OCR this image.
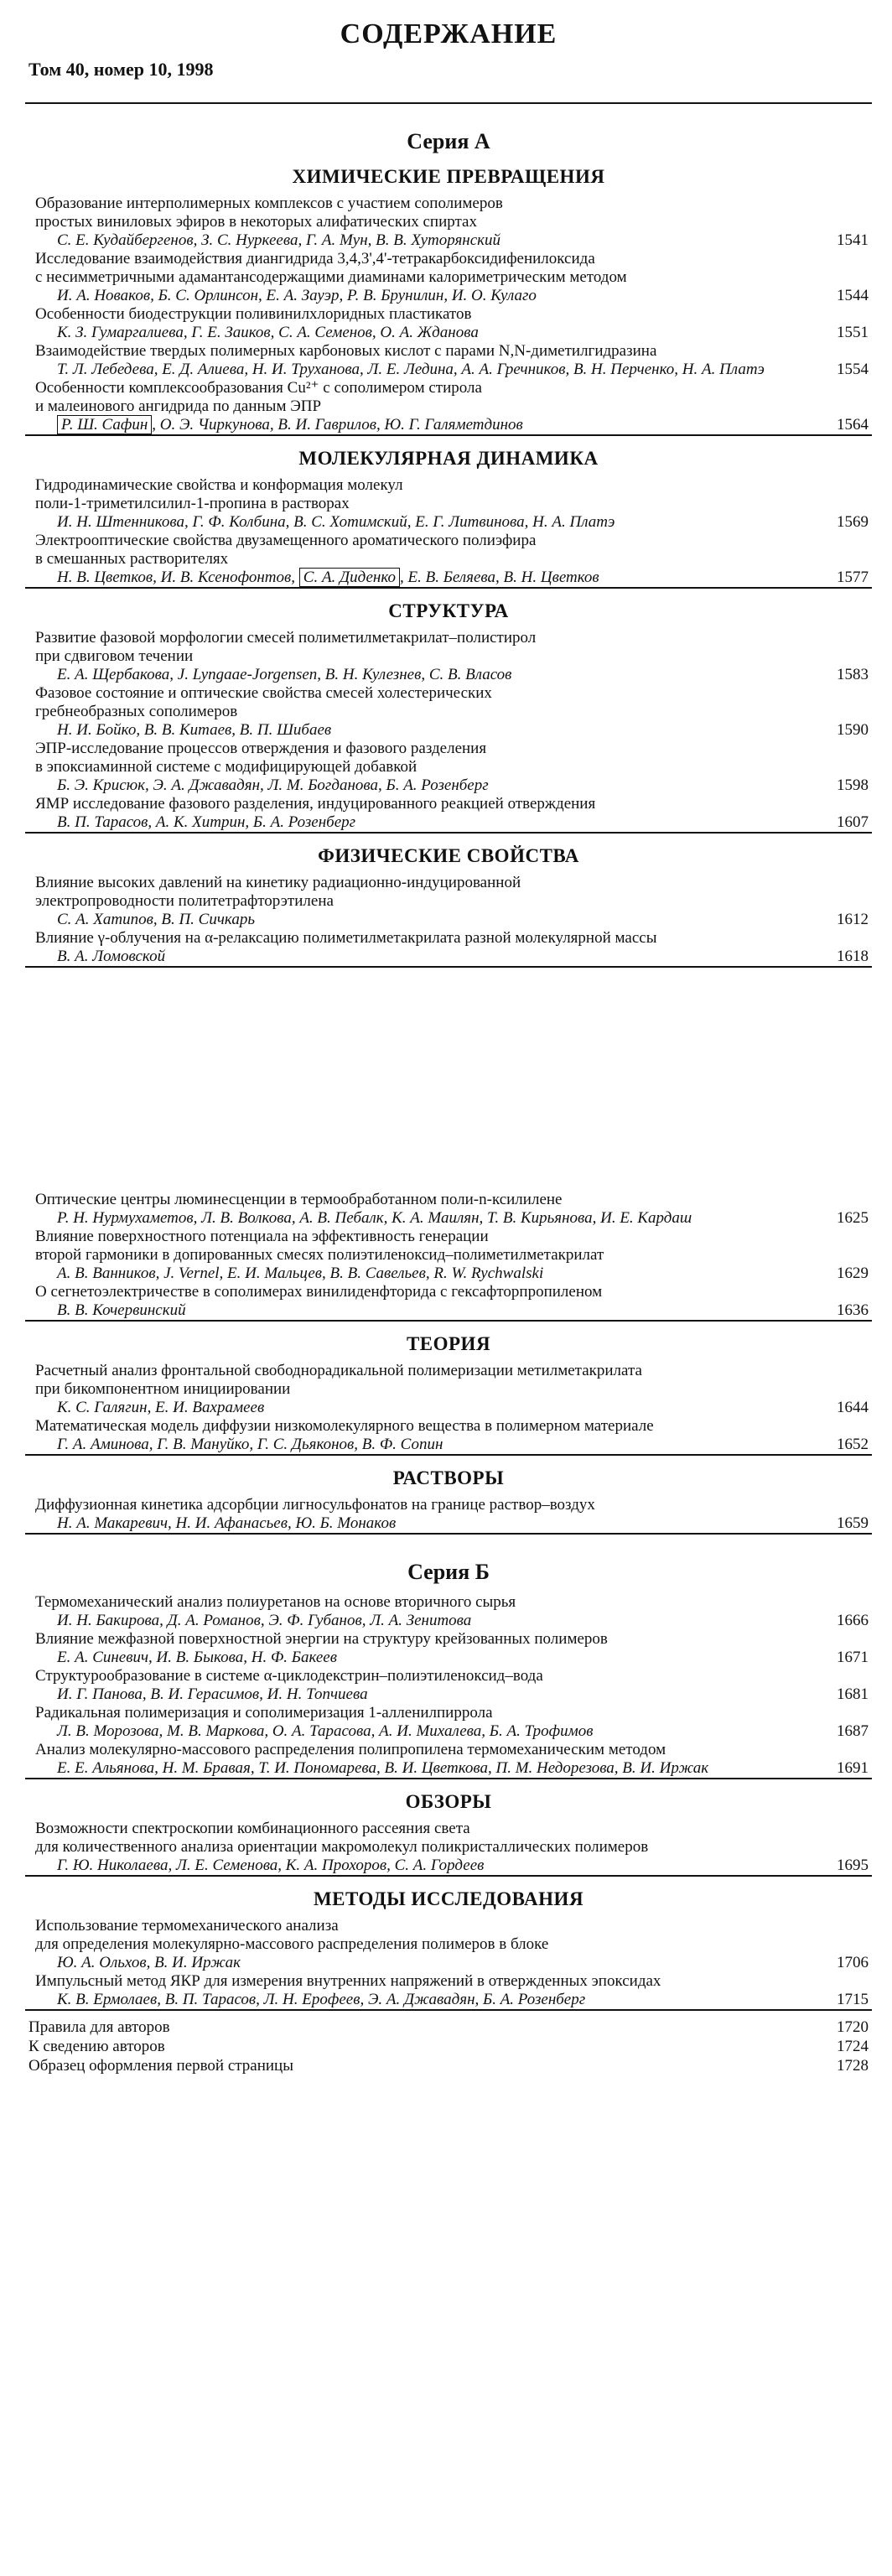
СОДЕРЖАНИЕ
Том 40, номер 10, 1998
Серия А
ХИМИЧЕСКИЕ ПРЕВРАЩЕНИЯ
Образование интерполимерных комплексов с участием сополимеров
простых виниловых эфиров в некоторых алифатических спиртах
С. Е. Кудайбергенов, З. С. Нуркеева, Г. А. Мун, В. В. Хуторянский	1541
Исследование взаимодействия диангидрида 3,4,3',4'-тетракарбоксидифенилоксида
с несимметричными адамантансодержащими диаминами калориметрическим методом
И. А. Новаков, Б. С. Орлинсон, Е. А. Зауэр, Р. В. Брунилин, И. О. Кулаго	1544
Особенности биодеструкции поливинилхлоридных пластикатов
К. З. Гумаргалиева, Г. Е. Заиков, С. А. Семенов, О. А. Жданова	1551
Взаимодействие твердых полимерных карбоновых кислот с парами N,N-диметилгидразина
Т. Л. Лебедева, Е. Д. Алиева, Н. И. Труханова, Л. Е. Ледина, А. А. Гречников, В. Н. Перченко, Н. А. Платэ	1554
Особенности комплексообразования Cu²⁺ с сополимером стирола
и малеинового ангидрида по данным ЭПР
Р. Ш. Сафин , О. Э. Чиркунова, В. И. Гаврилов, Ю. Г. Галяметдинов	1564
МОЛЕКУЛЯРНАЯ ДИНАМИКА
Гидродинамические свойства и конформация молекул
поли-1-триметилсилил-1-пропина в растворах
И. Н. Штенникова, Г. Ф. Колбина, В. С. Хотимский, Е. Г. Литвинова, Н. А. Платэ	1569
Электрооптические свойства двузамещенного ароматического полиэфира
в смешанных растворителях
Н. В. Цветков, И. В. Ксенофонтов, С. А. Диденко , Е. В. Беляева, В. Н. Цветков	1577
СТРУКТУРА
Развитие фазовой морфологии смесей полиметилметакрилат–полистирол
при сдвиговом течении
Е. А. Щербакова, J. Lyngaae-Jorgensen, В. Н. Кулезнев, С. В. Власов	1583
Фазовое состояние и оптические свойства смесей холестерических
гребнеобразных сополимеров
Н. И. Бойко, В. В. Китаев, В. П. Шибаев	1590
ЭПР-исследование процессов отверждения и фазового разделения
в эпоксиаминной системе с модифицирующей добавкой
Б. Э. Крисюк, Э. А. Джавадян, Л. М. Богданова, Б. А. Розенберг	1598
ЯМР исследование фазового разделения, индуцированного реакцией отверждения
В. П. Тарасов, А. К. Хитрин, Б. А. Розенберг	1607
ФИЗИЧЕСКИЕ СВОЙСТВА
Влияние высоких давлений на кинетику радиационно-индуцированной
электропроводности политетрафторэтилена
С. А. Хатипов, В. П. Сичкарь	1612
Влияние γ-облучения на α-релаксацию полиметилметакрилата разной молекулярной массы
В. А. Ломовской	1618
Оптические центры люминесценции в термообработанном поли-n-ксилилене
Р. Н. Нурмухаметов, Л. В. Волкова, А. В. Пебалк, К. А. Маилян, Т. В. Кирьянова, И. Е. Кардаш	1625
Влияние поверхностного потенциала на эффективность генерации
второй гармоники в допированных смесях полиэтиленоксид–полиметилметакрилат
А. В. Ванников, J. Vernel, Е. И. Мальцев, В. В. Савельев, R. W. Rychwalski	1629
О сегнетоэлектричестве в сополимерах винилиденфторида с гексафторпропиленом
В. В. Кочервинский	1636
ТЕОРИЯ
Расчетный анализ фронтальной свободнорадикальной полимеризации метилметакрилата
при бикомпонентном инициировании
К. С. Галягин, Е. И. Вахрамеев	1644
Математическая модель диффузии низкомолекулярного вещества в полимерном материале
Г. А. Аминова, Г. В. Мануйко, Г. С. Дьяконов, В. Ф. Сопин	1652
РАСТВОРЫ
Диффузионная кинетика адсорбции лигносульфонатов на границе раствор–воздух
Н. А. Макаревич, Н. И. Афанасьев, Ю. Б. Монаков	1659
Серия Б
Термомеханический анализ полиуретанов на основе вторичного сырья
И. Н. Бакирова, Д. А. Романов, Э. Ф. Губанов, Л. А. Зенитова	1666
Влияние межфазной поверхностной энергии на структуру крейзованных полимеров
Е. А. Синевич, И. В. Быкова, Н. Ф. Бакеев	1671
Структурообразование в системе α-циклодекстрин–полиэтиленоксид–вода
И. Г. Панова, В. И. Герасимов, И. Н. Топчиева	1681
Радикальная полимеризация и сополимеризация 1-алленилпиррола
Л. В. Морозова, М. В. Маркова, О. А. Тарасова, А. И. Михалева, Б. А. Трофимов	1687
Анализ молекулярно-массового распределения полипропилена термомеханическим методом
Е. Е. Альянова, Н. М. Бравая, Т. И. Пономарева, В. И. Цветкова, П. М. Недорезова, В. И. Иржак	1691
ОБЗОРЫ
Возможности спектроскопии комбинационного рассеяния света
для количественного анализа ориентации макромолекул поликристаллических полимеров
Г. Ю. Николаева, Л. Е. Семенова, К. А. Прохоров, С. А. Гордеев	1695
МЕТОДЫ ИССЛЕДОВАНИЯ
Использование термомеханического анализа
для определения молекулярно-массового распределения полимеров в блоке
Ю. А. Ольхов, В. И. Иржак	1706
Импульсный метод ЯКР для измерения внутренних напряжений в отвержденных эпоксидах
К. В. Ермолаев, В. П. Тарасов, Л. Н. Ерофеев, Э. А. Джавадян, Б. А. Розенберг	1715
Правила для авторов	1720
К сведению авторов	1724
Образец оформления первой страницы	1728
